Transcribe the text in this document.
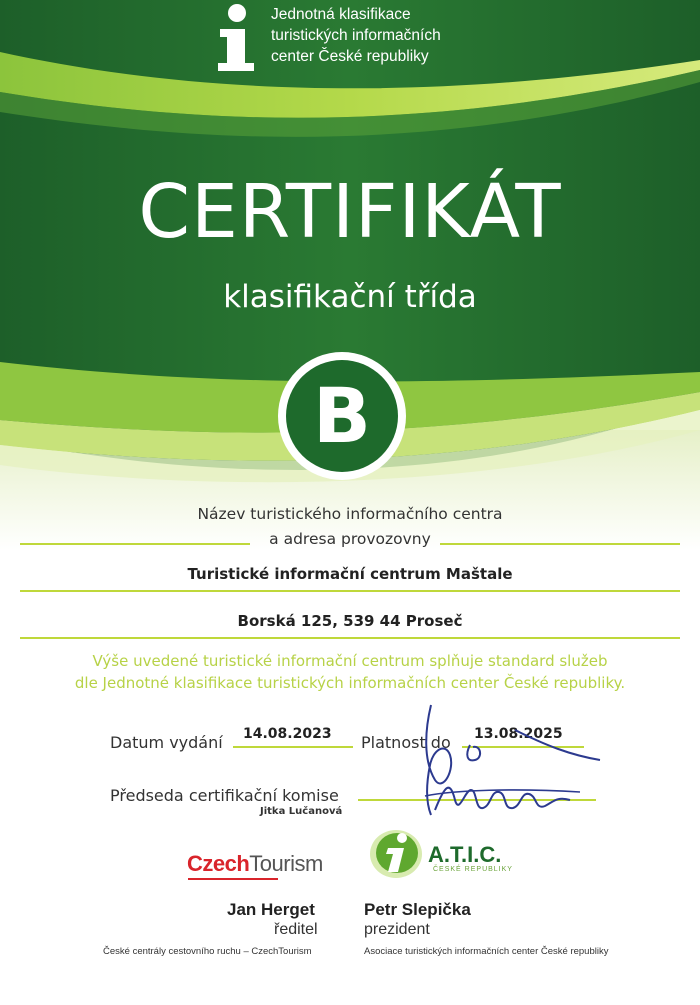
Jednotná klasifikace
turistických informačních
center České republiky
CERTIFIKÁT
klasifikační třída
B
Název turistického informačního centra
a adresa provozovny
Turistické informační centrum Maštale
Borská 125, 539 44 Proseč
Výše uvedené turistické informační centrum splňuje standard služeb
dle Jednotné klasifikace turistických informačních center České republiky.
Datum vydání 14.08.2023 Platnost do 13.08.2025
Předseda certifikační komise
Jitka Lučanová
CzechTourism	A.T.I.C.
ČESKÉ REPUBLIKY
Jan Herget
ředitel
České centrály cestovního ruchu – CzechTourism
Petr Slepička
prezident
Asociace turistických informačních center České republiky
